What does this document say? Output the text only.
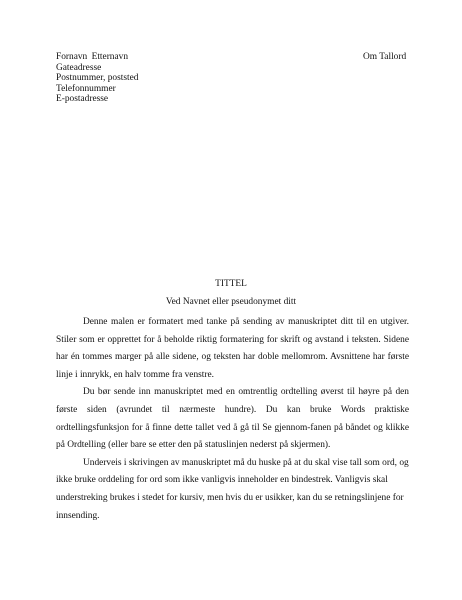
Fornavn Etternavn
Gateadresse
Postnummer, poststed
Telefonnummer
E-postadresse
Om Tallord
TITTEL
Ved Navnet eller pseudonymet ditt

Denne malen er formatert med tanke på sending av manuskriptet ditt til en utgiver. Stiler som er opprettet for å beholde riktig formatering for skrift og avstand i teksten. Sidene har én tommes marger på alle sidene, og teksten har doble mellomrom. Avsnittene har første linje i innrykk, en halv tomme fra venstre.

Du bør sende inn manuskriptet med en omtrentlig ordtelling øverst til høyre på den første siden (avrundet til nærmeste hundre). Du kan bruke Words praktiske ordtellingsfunksjon for å finne dette tallet ved å gå til Se gjennom-fanen på båndet og klikke på Ordtelling (eller bare se etter den på statuslinjen nederst på skjermen).

Underveis i skrivingen av manuskriptet må du huske på at du skal vise tall som ord, og ikke bruke orddeling for ord som ikke vanligvis inneholder en bindestrek. Vanligvis skal understreking brukes i stedet for kursiv, men hvis du er usikker, kan du se retningslinjene for innsending.
